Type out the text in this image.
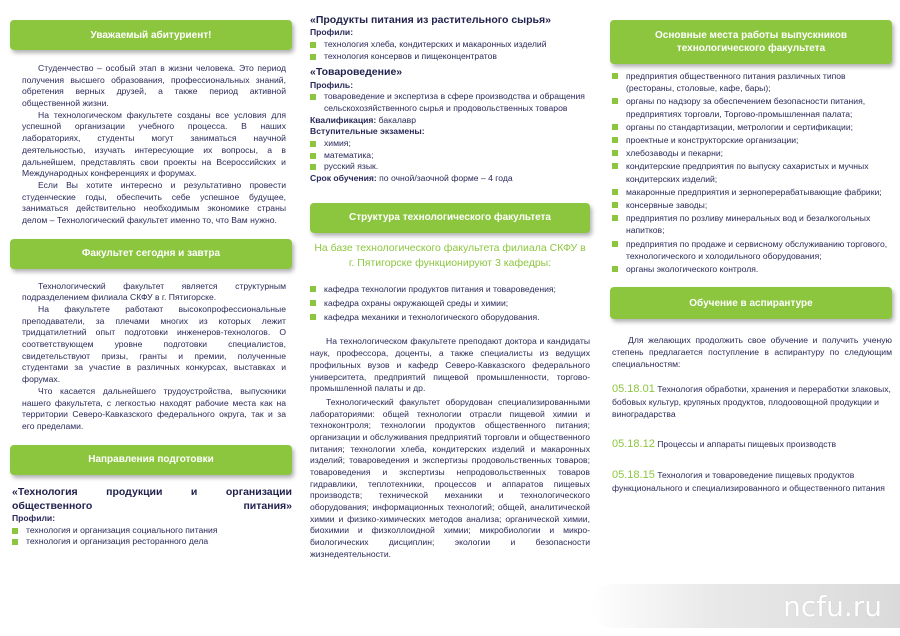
Уважаемый абитуриент!

Студенчество – особый этап в жизни человека. Это период получения высшего образования, профессиональных знаний, обретения верных друзей, а также период активной общественной жизни.

На технологическом факультете созданы все условия для успешной организации учебного процесса. В наших лабораториях, студенты могут заниматься научной деятельностью, изучать интересующие их вопросы, а в дальнейшем, представлять свои проекты на Всероссийских и Международных конференциях и форумах.

Если Вы хотите интересно и результативно провести студенческие годы, обеспечить себе успешное будущее, заниматься действительно необходимым экономике страны делом – Технологический факультет именно то, что Вам нужно.

Факультет сегодня и завтра

Технологический факультет является структурным подразделением филиала СКФУ в г. Пятигорске.

На факультете работают высокопрофессиональные преподаватели, за плечами многих из которых лежит тридцатилетний опыт подготовки инженеров-технологов. О соответствующем уровне подготовки специалистов, свидетельствуют призы, гранты и премии, полученные студентами за участие в различных конкурсах, выставках и форумах.

Что касается дальнейшего трудоустройства, выпускники нашего факультета, с легкостью находят рабочие места как на территории Северо-Кавказского федерального округа, так и за его пределами.

Направления подготовки
«Технология продукции и организации общественного питания»
Профили:
технология и организация социального питания
технология и организация ресторанного дела
«Продукты питания из растительного сырья»
Профили:
технология хлеба, кондитерских и макаронных изделий
технология консервов и пищеконцентратов
«Товароведение»
Профиль:
товароведение и экспертиза в сфере производства и обращения сельскохозяйственного сырья и продовольственных товаров
Квалификация: бакалавр
Вступительные экзамены:
химия;
математика;
русский язык.
Срок обучения: по очной/заочной форме – 4 года
Структура технологического факультета

На базе технологического факультета филиала СКФУ в г. Пятигорске функционируют 3 кафедры:

кафедра технологии продуктов питания и товароведения;
кафедра охраны окружающей среды и химии;
кафедра механики и технологического оборудования.

На технологическом факультете преподают доктора и кандидаты наук, профессора, доценты, а также специалисты из ведущих профильных вузов и кафедр Северо-Кавказского федерального университета, предприятий пищевой промышленности, торгово-промышленной палаты и др.

Технологический факультет оборудован специализированными лабораториями: общей технологии отрасли пищевой химии и техноконтроля; технологии продуктов общественного питания; организации и обслуживания предприятий торговли и общественного питания; технологии хлеба, кондитерских изделий и макаронных изделий; товароведения и экспертизы продовольственных товаров; товароведения и экспертизы непродовольственных товаров гидравлики, теплотехники, процессов и аппаратов пищевых производств; технической механики и технологического оборудования; информационных технологий; общей, аналитической химии и физико-химических методов анализа; органической химии, биохимии и физколлоидной химии; микробиологии и микро-биологических дисциплин; экологии и безопасности жизнедеятельности.

Основные места работы выпускников технологического факультета
предприятия общественного питания различных типов (рестораны, столовые, кафе, бары);
органы по надзору за обеспечением безопасности питания, предприятиях торговли, Торгово-промышленная палата;
органы по стандартизации, метрологии и сертификации;
проектные и конструкторские организации;
хлебозаводы и пекарни;
кондитерские предприятия по выпуску сахаристых и мучных кондитерских изделий;
макаронные предприятия и зерноперерабатывающие фабрики;
консервные заводы;
предприятия по розливу минеральных вод и безалкогольных напитков;
предприятия по продаже и сервисному обслуживанию торгового, технологического и холодильного оборудования;
органы экологического контроля.
Обучение в аспирантуре

Для желающих продолжить свое обучение и получить ученую степень предлагается поступление в аспирантуру по следующим специальностям:

05.18.01 Технология обработки, хранения и переработки злаковых, бобовых культур, крупяных продуктов, плодоовощной продукции и виноградарства
05.18.12 Процессы и аппараты пищевых производств
05.18.15 Технология и товароведение пищевых продуктов функционального и специализированного и общественного питания
ncfu.ru
